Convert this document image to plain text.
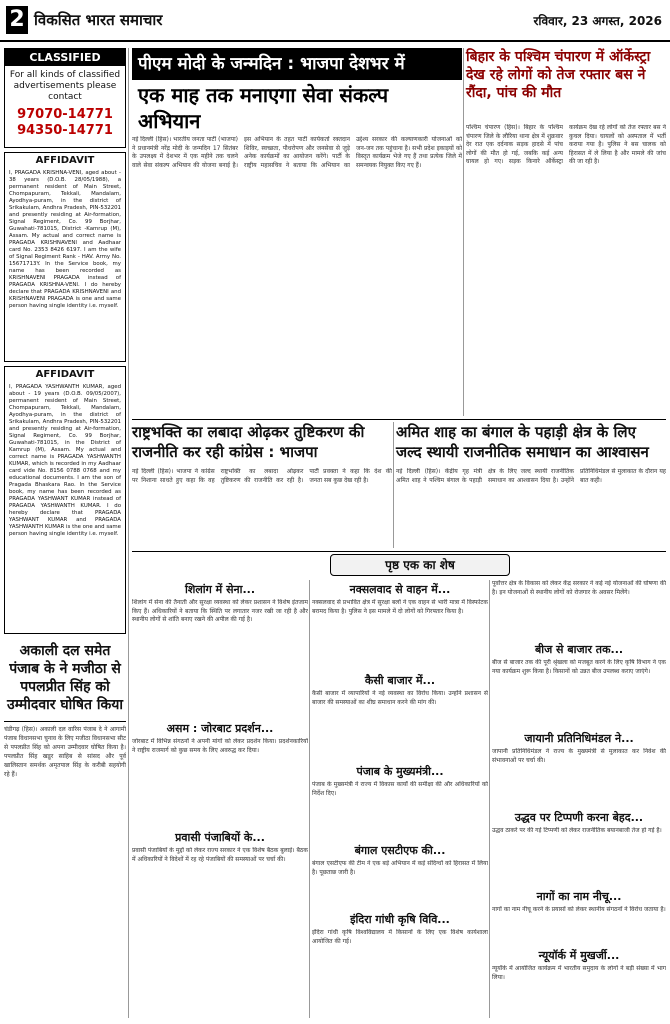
2 विकसित भारत समाचार	रविवार, 23 अगस्त, 2026
CLASSIFIED
For all kinds of classified advertisements please contact
97070-14771
94350-14771
AFFIDAVIT
I, PRAGADA KRISHNA-VENI, aged about - 38 years (D.O.B. 28/05/1988), a permanent resident of Main Street, Chompapuram, Tekkali, Mandalam, Ayodhya-puram, in the district of Srikakulam, Andhra Pradesh, PIN-532201 and presently residing at Air-formation, Signal Regiment, Co. 99 Borjhar, Guwahati-781015, District -Kamrup (M), Assam. My actual and correct name is PRAGADA KRISHNAVENI and Aadhaar card No. 2353 8426 6197. I am the wife of Signal Regiment Rank - HAV. Army No. 15671713Y. In the Service book, my name has been recorded as KRISHNAVENI PRAGADA instead of PRAGADA KRISHNA-VENI. I do hereby declare that PRAGADA KRISHNAVENI and KRISHNAVENI PRAGADA is one and same person having single identity i.e. myself.
AFFIDAVIT
I, PRAGADA YASHWANTH KUMAR, aged about - 19 years (D.O.B. 09/05/2007), permanent resident of Main Street, Chompapuram, Tekkali, Mandalam, Ayodhya-puram, in the district of Srikakulam, Andhra Pradesh, PIN-532201 and presently residing at Air-formation, Signal Regiment, Co. 99 Borjhar, Guwahati-781015, in the District of Kamrup (M), Assam. My actual and correct name is PRAGADA YASHWANTH KUMAR, which is recorded in my Aadhaar card vide No. 8156 0788 0768 and my educational documents. I am the son of Pragada Bhaskara Rao. In the Service book, my name has been recorded as PRAGADA YASHWANT KUMAR instead of PRAGADA YASHWANTH KUMAR. I do hereby declare that PRAGADA YASHWANT KUMAR and PRAGADA YASHWANTH KUMAR is the one and same person having single identity i.e. myself.
अकाली दल समेत पंजाब के ने मजीठा से पपलप्रीत सिंह को उम्मीदवार घोषित किया
चंडीगढ़ (हिस)। अकाली दल वारिस पंजाब दे ने आगामी पंजाब विधानसभा चुनाव के लिए मजीठा विधानसभा सीट से पपलप्रीत सिंह को अपना उम्मीदवार घोषित किया है। पपलप्रीत सिंह खडूर साहिब से सांसद और पूर्व खालिस्तान समर्थक अमृतपाल सिंह के करीबी सहयोगी रहे हैं।
पीएम मोदी के जन्मदिन : भाजपा देशभर में
एक माह तक मनाएगा सेवा संकल्प अभियान
नई दिल्ली (हिस)। भारतीय जनता पार्टी (भाजपा) ने प्रधानमंत्री नरेंद्र मोदी के जन्मदिन 17 सितंबर के उपलक्ष्य में देशभर में एक महीने तक चलने वाले सेवा संकल्प अभियान की योजना बनाई है। इस अभियान के तहत पार्टी कार्यकर्ता रक्तदान शिविर, स्वच्छता, पौधरोपण और जनसेवा से जुड़े अनेक कार्यक्रमों का आयोजन करेंगे। पार्टी के राष्ट्रीय महासचिव ने बताया कि अभियान का उद्देश्य सरकार की कल्याणकारी योजनाओं को जन-जन तक पहुंचाना है। सभी प्रदेश इकाइयों को विस्तृत कार्यक्रम भेजे गए हैं तथा प्रत्येक जिले में समन्वयक नियुक्त किए गए हैं।
बिहार के पश्चिम चंपारण में ऑर्केस्ट्रा देख रहे लोगों को तेज रफ्तार बस ने रौंदा, पांच की मौत
पश्चिम चंपारण (हिस)। बिहार के पश्चिम चंपारण जिले के लौरिया थाना क्षेत्र में शुक्रवार देर रात एक दर्दनाक सड़क हादसे में पांच लोगों की मौत हो गई, जबकि कई अन्य घायल हो गए। सड़क किनारे ऑर्केस्ट्रा कार्यक्रम देख रहे लोगों को तेज रफ्तार बस ने कुचल दिया। घायलों को अस्पताल में भर्ती कराया गया है। पुलिस ने बस चालक को हिरासत में ले लिया है और मामले की जांच की जा रही है।
राष्ट्रभक्ति का लबादा ओढ़कर तुष्टिकरण की राजनीति कर रही कांग्रेस : भाजपा
नई दिल्ली (हिस)। भाजपा ने कांग्रेस पर निशाना साधते हुए कहा कि वह राष्ट्रभक्ति का लबादा ओढ़कर तुष्टिकरण की राजनीति कर रही है। पार्टी प्रवक्ता ने कहा कि देश की जनता सब कुछ देख रही है।
अमित शाह का बंगाल के पहाड़ी क्षेत्र के लिए जल्द स्थायी राजनीतिक समाधान का आश्वासन
नई दिल्ली (हिस)। केंद्रीय गृह मंत्री अमित शाह ने पश्चिम बंगाल के पहाड़ी क्षेत्र के लिए जल्द स्थायी राजनीतिक समाधान का आश्वासन दिया है। उन्होंने प्रतिनिधिमंडल से मुलाकात के दौरान यह बात कही।
पृष्ठ एक का शेष
शिलांग में सेना...
शिलांग में सेना की तैनाती और सुरक्षा व्यवस्था को लेकर प्रशासन ने विशेष इंतजाम किए हैं। अधिकारियों ने बताया कि स्थिति पर लगातार नजर रखी जा रही है और स्थानीय लोगों से शांति बनाए रखने की अपील की गई है।
असम : जोरबाट प्रदर्शन...
जोरबाट में विभिन्न संगठनों ने अपनी मांगों को लेकर प्रदर्शन किया। प्रदर्शनकारियों ने राष्ट्रीय राजमार्ग को कुछ समय के लिए अवरुद्ध कर दिया।
प्रवासी पंजाबियों के...
प्रवासी पंजाबियों के मुद्दों को लेकर राज्य सरकार ने एक विशेष बैठक बुलाई। बैठक में अधिकारियों ने विदेशों में रह रहे पंजाबियों की समस्याओं पर चर्चा की।
नक्सलवाद से वाहन में...
नक्सलवाद से प्रभावित क्षेत्र में सुरक्षा बलों ने एक वाहन से भारी मात्रा में विस्फोटक बरामद किया है। पुलिस ने इस मामले में दो लोगों को गिरफ्तार किया है।
कैसी बाजार में...
कैसी बाजार में व्यापारियों ने नई व्यवस्था का विरोध किया। उन्होंने प्रशासन से बाजार की समस्याओं का शीघ्र समाधान करने की मांग की।
पंजाब के मुख्यमंत्री...
पंजाब के मुख्यमंत्री ने राज्य में विकास कार्यों की समीक्षा की और अधिकारियों को निर्देश दिए।
बंगाल एसटीएफ की...
बंगाल एसटीएफ की टीम ने एक बड़े अभियान में कई संदिग्धों को हिरासत में लिया है। पूछताछ जारी है।
इंदिरा गांधी कृषि विवि...
इंदिरा गांधी कृषि विश्वविद्यालय में किसानों के लिए एक विशेष कार्यशाला आयोजित की गई।
पूर्वोत्तर क्षेत्र के विकास को लेकर केंद्र सरकार ने कई नई योजनाओं की घोषणा की है। इन योजनाओं से स्थानीय लोगों को रोजगार के अवसर मिलेंगे।
बीज से बाजार तक...
बीज से बाजार तक की पूरी श्रृंखला को मजबूत करने के लिए कृषि विभाग ने एक नया कार्यक्रम शुरू किया है। किसानों को उन्नत बीज उपलब्ध कराए जाएंगे।
जायानी प्रतिनिधिमंडल ने...
जापानी प्रतिनिधिमंडल ने राज्य के मुख्यमंत्री से मुलाकात कर निवेश की संभावनाओं पर चर्चा की।
उद्धव पर टिप्पणी करना बेहद...
उद्धव ठाकरे पर की गई टिप्पणी को लेकर राजनीतिक बयानबाजी तेज हो गई है।
नागों का नाम नीचू...
नागों का नाम नीचू करने के प्रयासों को लेकर स्थानीय संगठनों ने विरोध जताया है।
न्यूयॉर्क में मुखर्जी...
न्यूयॉर्क में आयोजित कार्यक्रम में भारतीय समुदाय के लोगों ने बड़ी संख्या में भाग लिया।
